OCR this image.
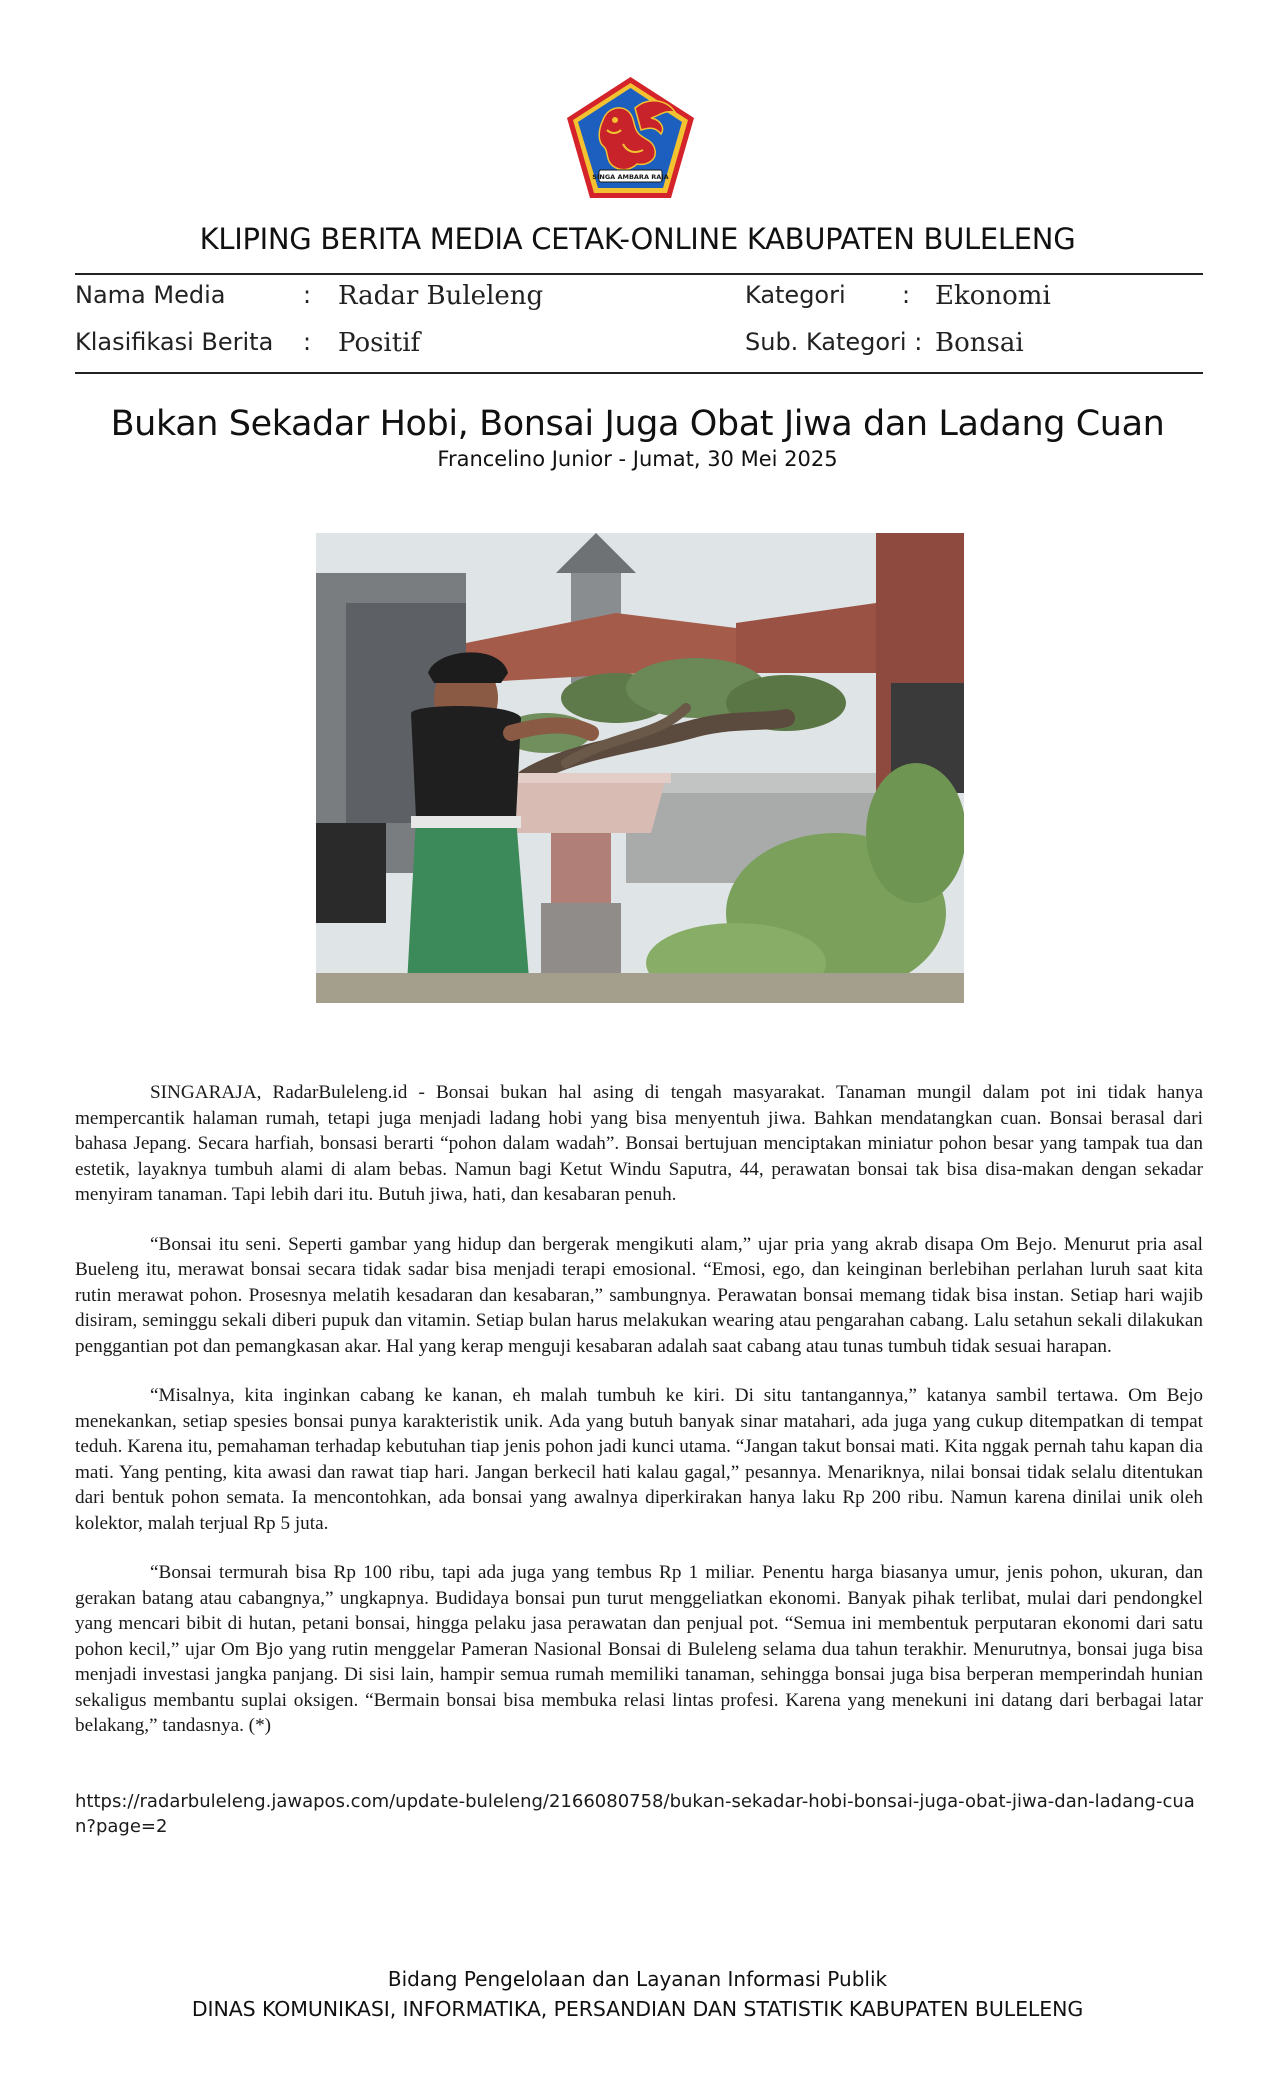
SINGA AMBARA RAJA
KLIPING BERITA MEDIA CETAK-ONLINE KABUPATEN BULELENG
Nama Media	: Radar Buleleng	Kategori : Ekonomi
Klasifikasi Berita : Positif	Sub. Kategori : Bonsai
Bukan Sekadar Hobi, Bonsai Juga Obat Jiwa dan Ladang Cuan
Francelino Junior - Jumat, 30 Mei 2025

SINGARAJA, RadarBuleleng.id - Bonsai bukan hal asing di tengah masyarakat. Tanaman mungil dalam pot ini tidak hanya mempercantik halaman rumah, tetapi juga menjadi ladang hobi yang bisa menyentuh jiwa. Bahkan mendatangkan cuan. Bonsai berasal dari bahasa Jepang. Secara harfiah, bonsasi berarti “pohon dalam wadah”. Bonsai bertujuan menciptakan miniatur pohon besar yang tampak tua dan estetik, layaknya tumbuh alami di alam bebas. Namun bagi Ketut Windu Saputra, 44, perawatan bonsai tak bisa disa-makan dengan sekadar menyiram tanaman. Tapi lebih dari itu. Butuh jiwa, hati, dan kesabaran penuh.

“Bonsai itu seni. Seperti gambar yang hidup dan bergerak mengikuti alam,” ujar pria yang akrab disapa Om Bejo. Menurut pria asal Bueleng itu, merawat bonsai secara tidak sadar bisa menjadi terapi emosional. “Emosi, ego, dan keinginan berlebihan perlahan luruh saat kita rutin merawat pohon. Prosesnya melatih kesadaran dan kesabaran,” sambungnya. Perawatan bonsai memang tidak bisa instan. Setiap hari wajib disiram, seminggu sekali diberi pupuk dan vitamin. Setiap bulan harus melakukan wearing atau pengarahan cabang. Lalu setahun sekali dilakukan penggantian pot dan pemangkasan akar. Hal yang kerap menguji kesabaran adalah saat cabang atau tunas tumbuh tidak sesuai harapan.

“Misalnya, kita inginkan cabang ke kanan, eh malah tumbuh ke kiri. Di situ tantangannya,” katanya sambil tertawa. Om Bejo menekankan, setiap spesies bonsai punya karakteristik unik. Ada yang butuh banyak sinar matahari, ada juga yang cukup ditempatkan di tempat teduh. Karena itu, pemahaman terhadap kebutuhan tiap jenis pohon jadi kunci utama. “Jangan takut bonsai mati. Kita nggak pernah tahu kapan dia mati. Yang penting, kita awasi dan rawat tiap hari. Jangan berkecil hati kalau gagal,” pesannya. Menariknya, nilai bonsai tidak selalu ditentukan dari bentuk pohon semata. Ia mencontohkan, ada bonsai yang awalnya diperkirakan hanya laku Rp 200 ribu. Namun karena dinilai unik oleh kolektor, malah terjual Rp 5 juta.

“Bonsai termurah bisa Rp 100 ribu, tapi ada juga yang tembus Rp 1 miliar. Penentu harga biasanya umur, jenis pohon, ukuran, dan gerakan batang atau cabangnya,” ungkapnya. Budidaya bonsai pun turut menggeliatkan ekonomi. Banyak pihak terlibat, mulai dari pendongkel yang mencari bibit di hutan, petani bonsai, hingga pelaku jasa perawatan dan penjual pot. “Semua ini membentuk perputaran ekonomi dari satu pohon kecil,” ujar Om Bjo yang rutin menggelar Pameran Nasional Bonsai di Buleleng selama dua tahun terakhir. Menurutnya, bonsai juga bisa menjadi investasi jangka panjang. Di sisi lain, hampir semua rumah memiliki tanaman, sehingga bonsai juga bisa berperan memperindah hunian sekaligus membantu suplai oksigen. “Bermain bonsai bisa membuka relasi lintas profesi. Karena yang menekuni ini datang dari berbagai latar belakang,” tandasnya. (*)

https://radarbuleleng.jawapos.com/update-buleleng/2166080758/bukan-sekadar-hobi-bonsai-juga-obat-jiwa-dan-ladang-cuan?page=2
Bidang Pengelolaan dan Layanan Informasi Publik
DINAS KOMUNIKASI, INFORMATIKA, PERSANDIAN DAN STATISTIK KABUPATEN BULELENG
